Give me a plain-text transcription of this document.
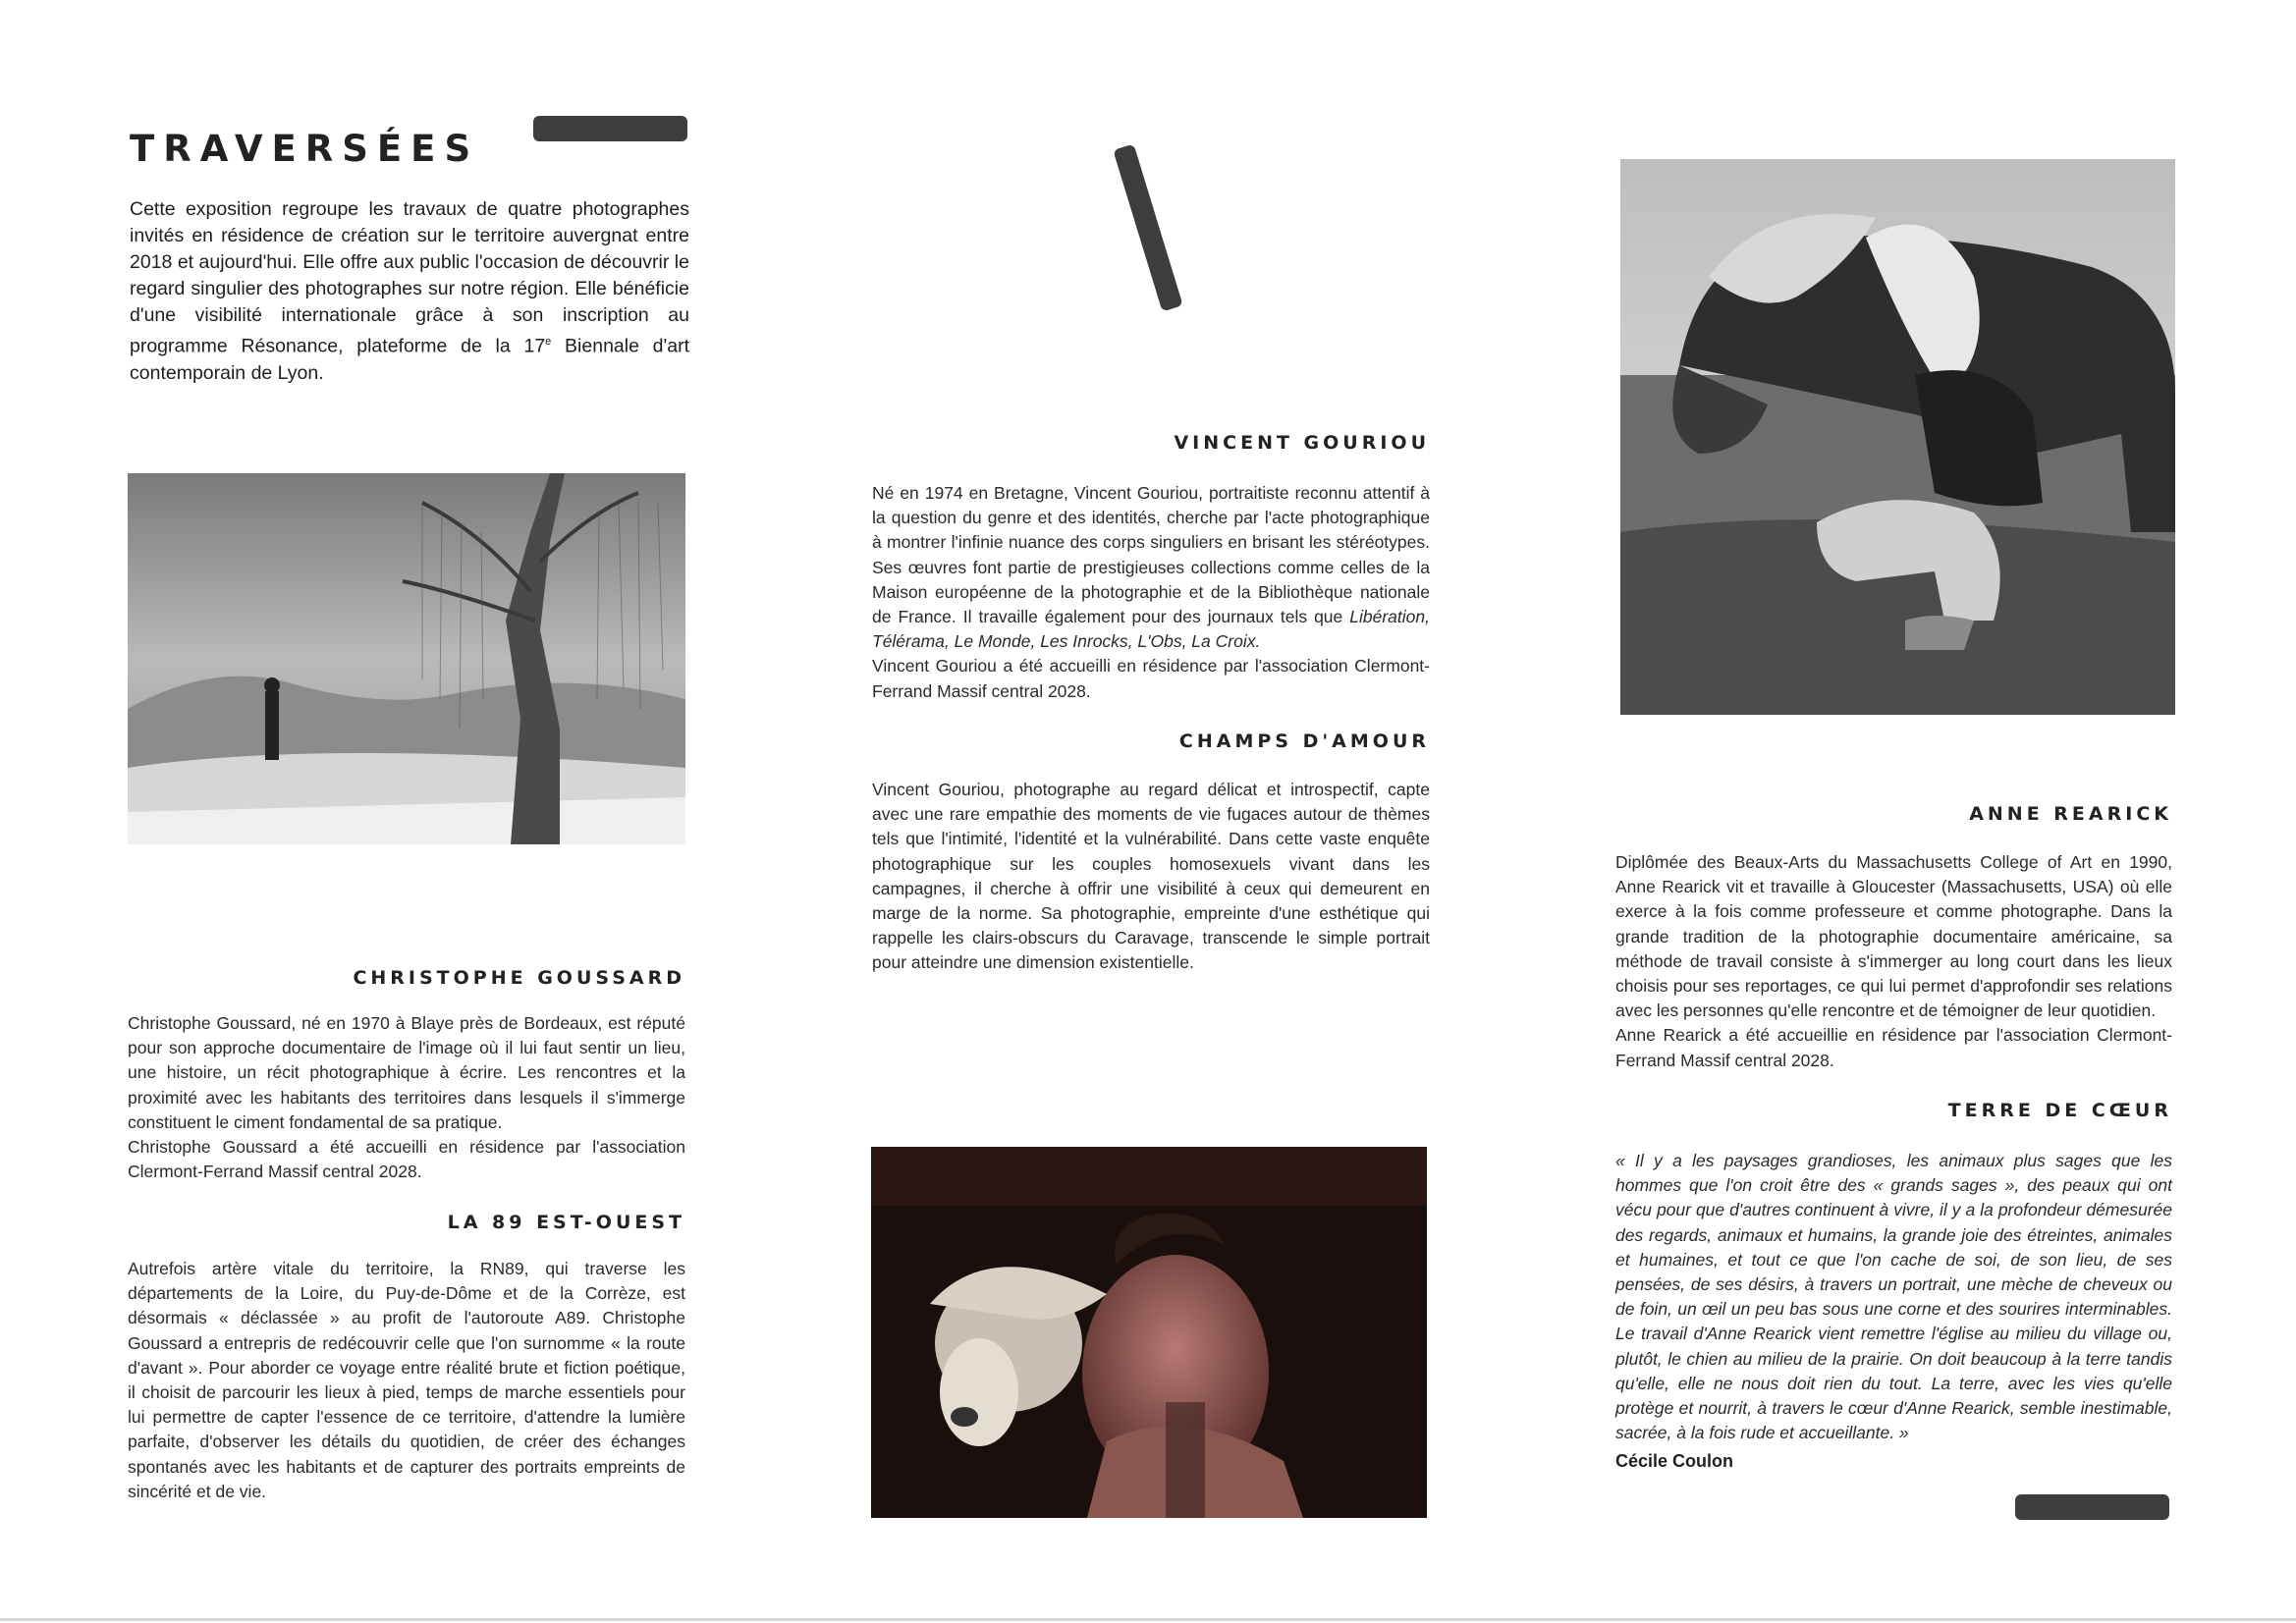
TRAVERSÉES

Cette exposition regroupe les travaux de quatre photographes invités en résidence de création sur le territoire auvergnat entre 2018 et aujourd'hui. Elle offre aux public l'occasion de découvrir le regard singulier des photographes sur notre région. Elle bénéficie d'une visibilité internationale grâce à son inscription au programme Résonance, plateforme de la 17e Biennale d'art contemporain de Lyon.

CHRISTOPHE GOUSSARD

Christophe Goussard, né en 1970 à Blaye près de Bordeaux, est réputé pour son approche documentaire de l'image où il lui faut sentir un lieu, une histoire, un récit photographique à écrire. Les rencontres et la proximité avec les habitants des territoires dans lesquels il s'immerge constituent le ciment fondamental de sa pratique.

Christophe Goussard a été accueilli en résidence par l'association Clermont-Ferrand Massif central 2028.

LA 89 EST-OUEST

Autrefois artère vitale du territoire, la RN89, qui traverse les départements de la Loire, du Puy-de-Dôme et de la Corrèze, est désormais « déclassée » au profit de l'autoroute A89. Christophe Goussard a entrepris de redécouvrir celle que l'on surnomme « la route d'avant ». Pour aborder ce voyage entre réalité brute et fiction poétique, il choisit de parcourir les lieux à pied, temps de marche essentiels pour lui permettre de capter l'essence de ce territoire, d'attendre la lumière parfaite, d'observer les détails du quotidien, de créer des échanges spontanés avec les habitants et de capturer des portraits empreints de sincérité et de vie.

VINCENT GOURIOU

Né en 1974 en Bretagne, Vincent Gouriou, portraitiste reconnu attentif à la question du genre et des identités, cherche par l'acte photographique à montrer l'infinie nuance des corps singuliers en brisant les stéréotypes. Ses œuvres font partie de prestigieuses collections comme celles de la Maison européenne de la photographie et de la Bibliothèque nationale de France. Il travaille également pour des journaux tels que Libération, Télérama, Le Monde, Les Inrocks, L'Obs, La Croix.

Vincent Gouriou a été accueilli en résidence par l'association Clermont-Ferrand Massif central 2028.

CHAMPS D'AMOUR

Vincent Gouriou, photographe au regard délicat et introspectif, capte avec une rare empathie des moments de vie fugaces autour de thèmes tels que l'intimité, l'identité et la vulnérabilité. Dans cette vaste enquête photographique sur les couples homosexuels vivant dans les campagnes, il cherche à offrir une visibilité à ceux qui demeurent en marge de la norme. Sa photographie, empreinte d'une esthétique qui rappelle les clairs-obscurs du Caravage, transcende le simple portrait pour atteindre une dimension existentielle.

ANNE REARICK

Diplômée des Beaux-Arts du Massachusetts College of Art en 1990, Anne Rearick vit et travaille à Gloucester (Massachusetts, USA) où elle exerce à la fois comme professeure et comme photographe. Dans la grande tradition de la photographie documentaire américaine, sa méthode de travail consiste à s'immerger au long court dans les lieux choisis pour ses reportages, ce qui lui permet d'approfondir ses relations avec les personnes qu'elle rencontre et de témoigner de leur quotidien.

Anne Rearick a été accueillie en résidence par l'association Clermont-Ferrand Massif central 2028.

TERRE DE CŒUR

« Il y a les paysages grandioses, les animaux plus sages que les hommes que l'on croit être des « grands sages », des peaux qui ont vécu pour que d'autres continuent à vivre, il y a la profondeur démesurée des regards, animaux et humains, la grande joie des étreintes, animales et humaines, et tout ce que l'on cache de soi, de son lieu, de ses pensées, de ses désirs, à travers un portrait, une mèche de cheveux ou de foin, un œil un peu bas sous une corne et des sourires interminables. Le travail d'Anne Rearick vient remettre l'église au milieu du village ou, plutôt, le chien au milieu de la prairie. On doit beaucoup à la terre tandis qu'elle, elle ne nous doit rien du tout. La terre, avec les vies qu'elle protège et nourrit, à travers le cœur d'Anne Rearick, semble inestimable, sacrée, à la fois rude et accueillante. »

Cécile Coulon
